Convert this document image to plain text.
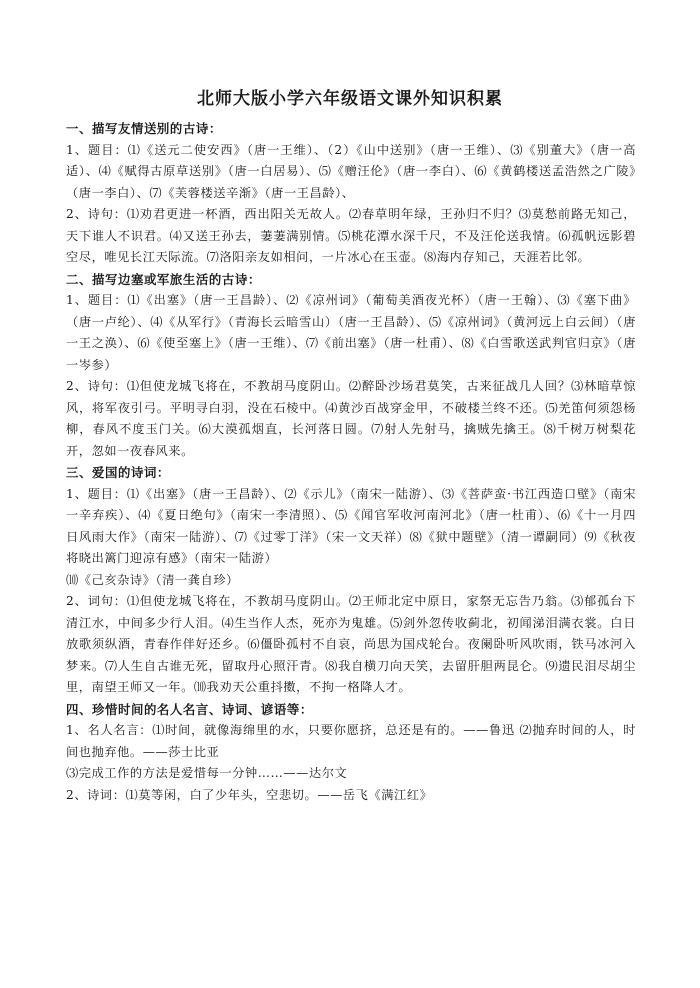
北师大版小学六年级语文课外知识积累
一、描写友情送别的古诗：
1、题目：⑴《送元二使安西》（唐一王维）、（2）《山中送别》（唐一王维）、⑶《别董大》（唐一高适）、⑷《赋得古原草送别》（唐一白居易）、⑸《赠汪伦》（唐一李白）、⑹《黄鹤楼送孟浩然之广陵》（唐一李白）、⑺《芙蓉楼送辛渐》（唐一王昌龄）、
2、诗句：⑴劝君更进一杯酒，西出阳关无故人。⑵春草明年绿，王孙归不归？⑶莫愁前路无知己，天下谁人不识君。⑷又送王孙去，萋萋满别情。⑸桃花潭水深千尺，不及汪伦送我情。⑹孤帆远影碧空尽，唯见长江天际流。⑺洛阳亲友如相问，一片冰心在玉壶。⑻海内存知己，天涯若比邻。
二、描写边塞或军旅生活的古诗：
1、题目：⑴《出塞》（唐一王昌龄）、⑵《凉州词》（葡萄美酒夜光杯）（唐一王翰）、⑶《塞下曲》（唐一卢纶）、⑷《从军行》（青海长云暗雪山）（唐一王昌龄）、⑸《凉州词》（黄河远上白云间）（唐一王之涣）、⑹《使至塞上》（唐一王维）、⑺《前出塞》（唐一杜甫）、⑻《白雪歌送武判官归京》（唐一岑参）
2、诗句：⑴但使龙城飞将在，不教胡马度阴山。⑵醉卧沙场君莫笑，古来征战几人回？⑶林暗草惊风，将军夜引弓。平明寻白羽，没在石棱中。⑷黄沙百战穿金甲，不破楼兰终不还。⑸羌笛何须怨杨柳，春风不度玉门关。⑹大漠孤烟直，长河落日圆。⑺射人先射马，擒贼先擒王。⑻千树万树梨花开，忽如一夜春风来。
三、爱国的诗词：
1、题目：⑴《出塞》（唐一王昌龄）、⑵《示儿》（南宋一陆游）、⑶《菩萨蛮·书江西造口壁》（南宋一辛弃疾）、⑷《夏日绝句》（南宋一李清照）、⑸《闻官军收河南河北》（唐一杜甫）、⑹《十一月四日风雨大作》（南宋一陆游）、⑺《过零丁洋》（宋一文天祥）⑻《狱中题壁》（清一谭嗣同）⑼《秋夜将晓出篱门迎凉有感》（南宋一陆游）
⑽《己亥杂诗》（清一龚自珍）
2、词句：⑴但使龙城飞将在，不教胡马度阴山。⑵王师北定中原日，家祭无忘告乃翁。⑶郁孤台下清江水，中间多少行人泪。⑷生当作人杰，死亦为鬼雄。⑸剑外忽传收蓟北，初闻涕泪满衣裳。白日放歌须纵酒，青春作伴好还乡。⑹僵卧孤村不自哀，尚思为国戍轮台。夜阑卧听风吹雨，铁马冰河入梦来。⑺人生自古谁无死，留取丹心照汗青。⑻我自横刀向天笑，去留肝胆两昆仑。⑼遗民泪尽胡尘里，南望王师又一年。⑽我劝天公重抖擞，不拘一格降人才。
四、珍惜时间的名人名言、诗词、谚语等：
1、名人名言：⑴时间，就像海绵里的水，只要你愿挤，总还是有的。——鲁迅 ⑵抛弃时间的人，时间也抛弃他。——莎士比亚
⑶完成工作的方法是爱惜每一分钟……——达尔文
2、诗词：⑴莫等闲，白了少年头，空悲切。——岳飞《满江红》
